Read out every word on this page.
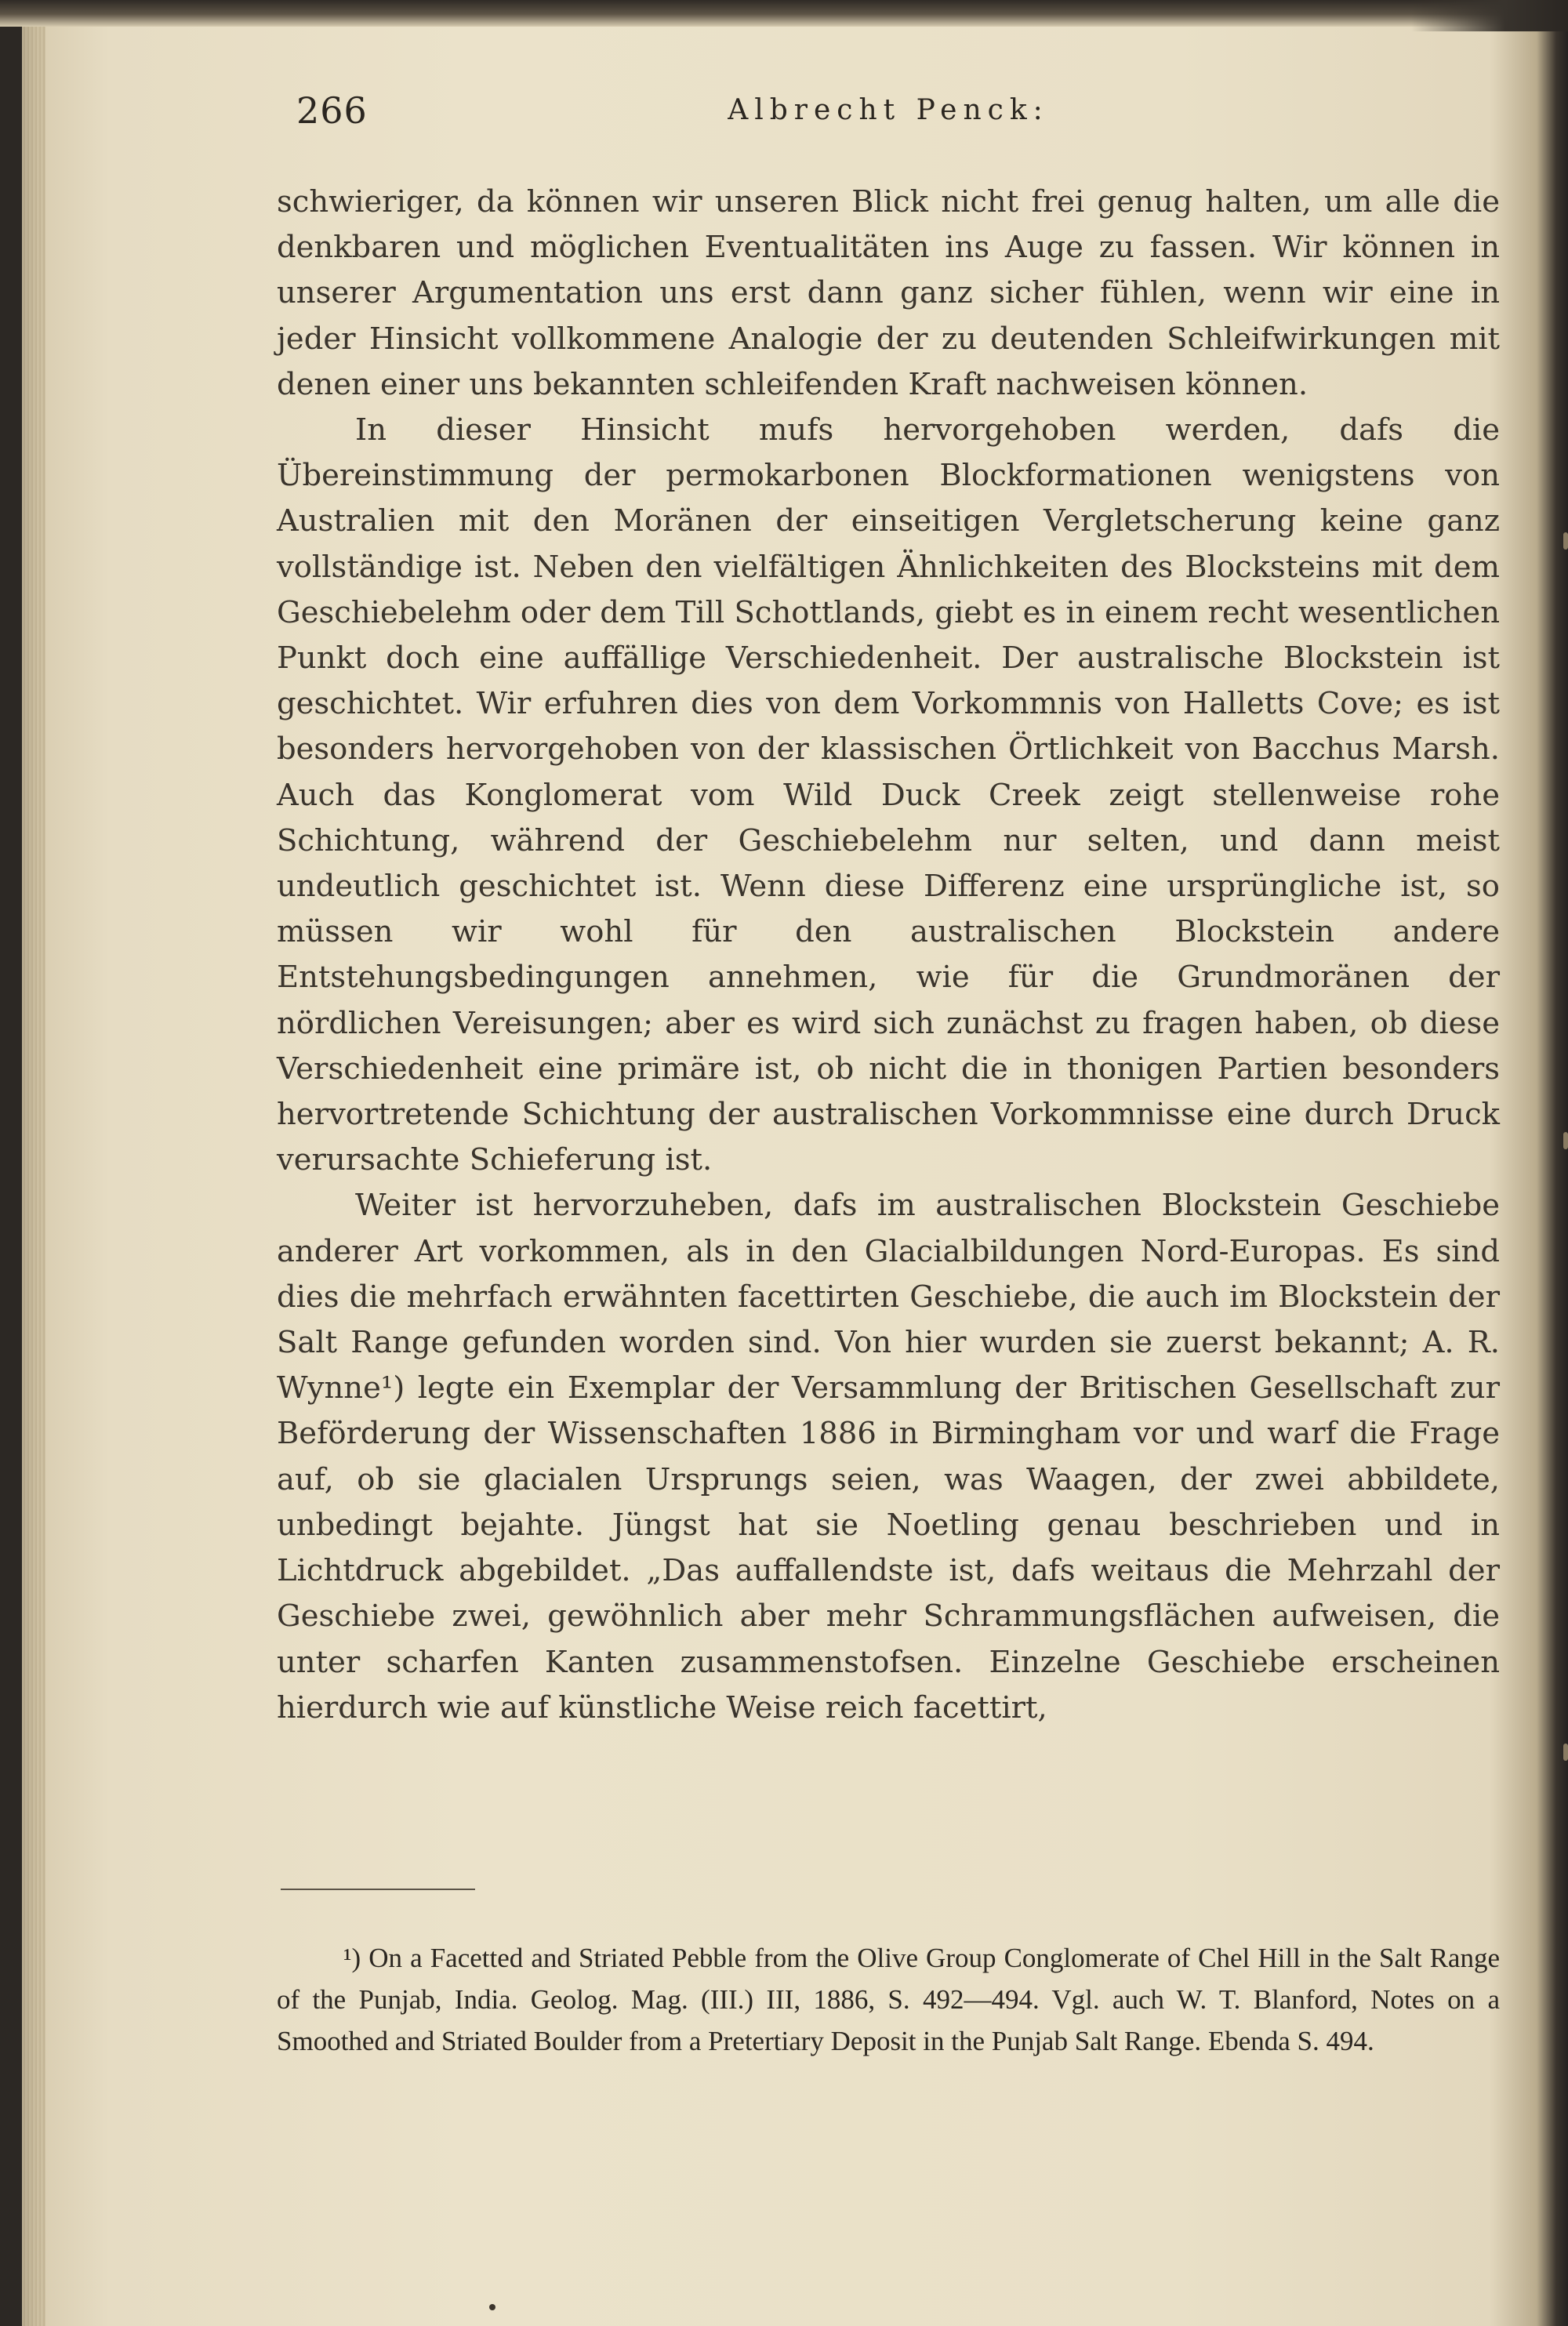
266	Albrecht Penck:

schwieriger, da können wir unseren Blick nicht frei genug halten, um alle die denkbaren und möglichen Eventualitäten ins Auge zu fassen. Wir können in unserer Argumentation uns erst dann ganz sicher fühlen, wenn wir eine in jeder Hinsicht vollkommene Analogie der zu deutenden Schleifwirkungen mit denen einer uns bekannten schleifenden Kraft nachweisen können.

In dieser Hinsicht mufs hervorgehoben werden, dafs die Übereinstimmung der permokarbonen Blockformationen wenigstens von Australien mit den Moränen der einseitigen Vergletscherung keine ganz vollständige ist. Neben den vielfältigen Ähnlichkeiten des Blocksteins mit dem Geschiebelehm oder dem Till Schottlands, giebt es in einem recht wesentlichen Punkt doch eine auffällige Verschiedenheit. Der australische Blockstein ist geschichtet. Wir erfuhren dies von dem Vorkommnis von Halletts Cove; es ist besonders hervorgehoben von der klassischen Örtlichkeit von Bacchus Marsh. Auch das Konglomerat vom Wild Duck Creek zeigt stellenweise rohe Schichtung, während der Geschiebelehm nur selten, und dann meist undeutlich geschichtet ist. Wenn diese Differenz eine ursprüngliche ist, so müssen wir wohl für den australischen Blockstein andere Entstehungsbedingungen annehmen, wie für die Grundmoränen der nördlichen Vereisungen; aber es wird sich zunächst zu fragen haben, ob diese Verschiedenheit eine primäre ist, ob nicht die in thonigen Partien besonders hervortretende Schichtung der australischen Vorkommnisse eine durch Druck verursachte Schieferung ist.

Weiter ist hervorzuheben, dafs im australischen Blockstein Geschiebe anderer Art vorkommen, als in den Glacialbildungen Nord-Europas. Es sind dies die mehrfach erwähnten facettirten Geschiebe, die auch im Blockstein der Salt Range gefunden worden sind. Von hier wurden sie zuerst bekannt; A. R. Wynne¹) legte ein Exemplar der Versammlung der Britischen Gesellschaft zur Beförderung der Wissenschaften 1886 in Birmingham vor und warf die Frage auf, ob sie glacialen Ursprungs seien, was Waagen, der zwei abbildete, unbedingt bejahte. Jüngst hat sie Noetling genau beschrieben und in Lichtdruck abgebildet. „Das auffallendste ist, dafs weitaus die Mehrzahl der Geschiebe zwei, gewöhnlich aber mehr Schrammungsflächen aufweisen, die unter scharfen Kanten zusammenstofsen. Einzelne Geschiebe erscheinen hierdurch wie auf künstliche Weise reich facettirt,

¹) On a Facetted and Striated Pebble from the Olive Group Conglomerate of Chel Hill in the Salt Range of the Punjab, India. Geolog. Mag. (III.) III, 1886, S. 492—494. Vgl. auch W. T. Blanford, Notes on a Smoothed and Striated Boulder from a Pretertiary Deposit in the Punjab Salt Range. Ebenda S. 494.
